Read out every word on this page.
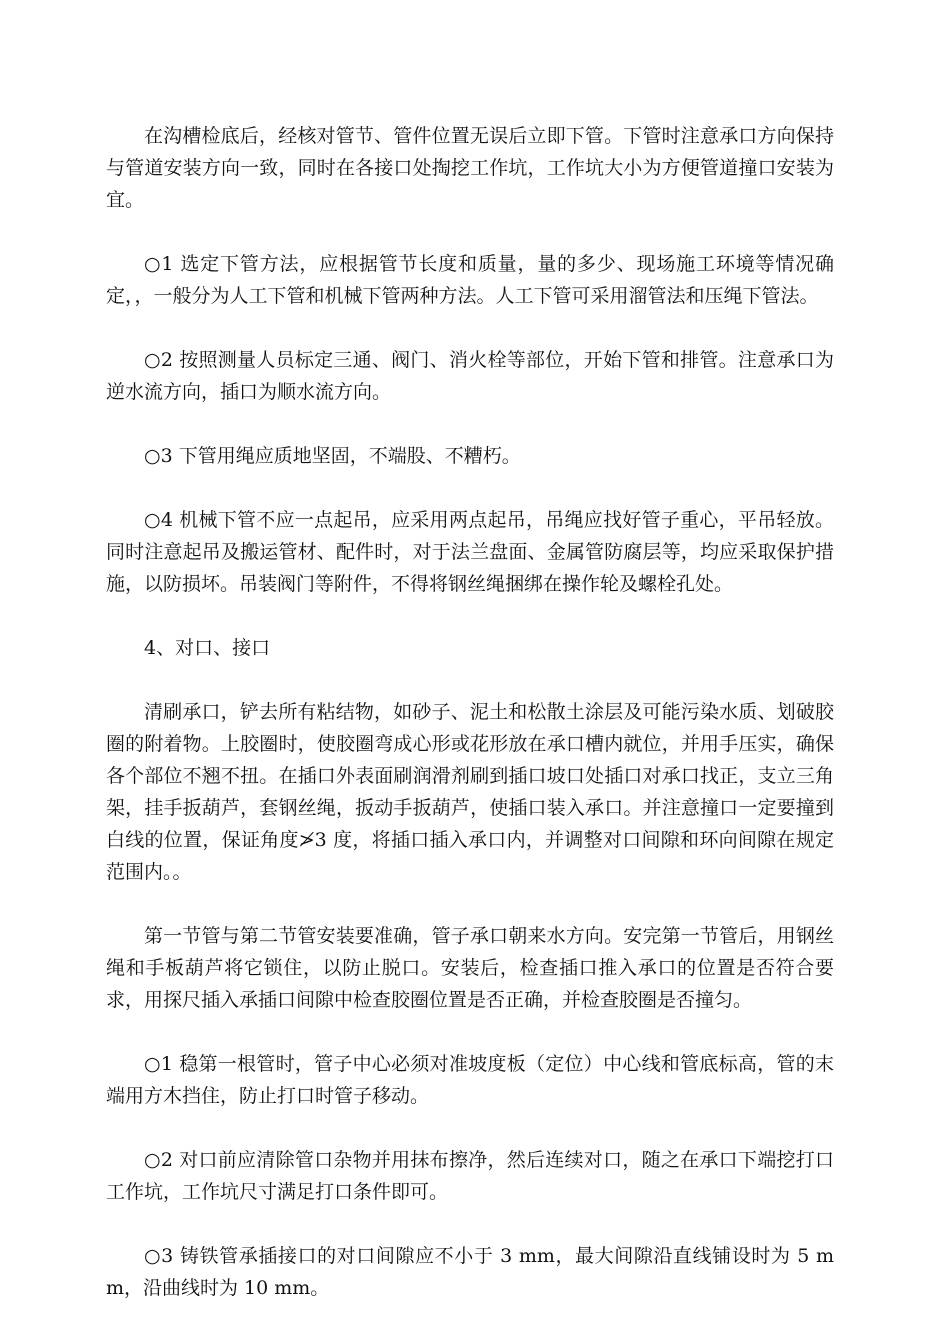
在沟槽检底后，经核对管节、管件位置无误后立即下管。下管时注意承口方向保持与管道安装方向一致，同时在各接口处掏挖工作坑，工作坑大小为方便管道撞口安装为宜。

○1 选定下管方法，应根据管节长度和质量，量的多少、现场施工环境等情况确定，，一般分为人工下管和机械下管两种方法。人工下管可采用溜管法和压绳下管法。

○2 按照测量人员标定三通、阀门、消火栓等部位，开始下管和排管。注意承口为逆水流方向，插口为顺水流方向。

○3 下管用绳应质地坚固，不端股、不糟朽。

○4 机械下管不应一点起吊，应采用两点起吊，吊绳应找好管子重心，平吊轻放。同时注意起吊及搬运管材、配件时，对于法兰盘面、金属管防腐层等，均应采取保护措施，以防损坏。吊装阀门等附件，不得将钢丝绳捆绑在操作轮及螺栓孔处。

4、对口、接口

清刷承口，铲去所有粘结物，如砂子、泥土和松散土涂层及可能污染水质、划破胶圈的附着物。上胶圈时，使胶圈弯成心形或花形放在承口槽内就位，并用手压实，确保各个部位不翘不扭。在插口外表面刷润滑剂刷到插口坡口处插口对承口找正，支立三角架，挂手扳葫芦，套钢丝绳，扳动手扳葫芦，使插口装入承口。并注意撞口一定要撞到白线的位置，保证角度≯3 度，将插口插入承口内，并调整对口间隙和环向间隙在规定范围内。。

第一节管与第二节管安装要准确，管子承口朝来水方向。安完第一节管后，用钢丝绳和手板葫芦将它锁住，以防止脱口。安装后，检查插口推入承口的位置是否符合要求，用探尺插入承插口间隙中检查胶圈位置是否正确，并检查胶圈是否撞匀。

○1 稳第一根管时，管子中心必须对准坡度板（定位）中心线和管底标高，管的末端用方木挡住，防止打口时管子移动。

○2 对口前应清除管口杂物并用抹布擦净，然后连续对口，随之在承口下端挖打口工作坑，工作坑尺寸满足打口条件即可。

○3 铸铁管承插接口的对口间隙应不小于 3 mm，最大间隙沿直线铺设时为 5 mm，沿曲线时为 10 mm。
